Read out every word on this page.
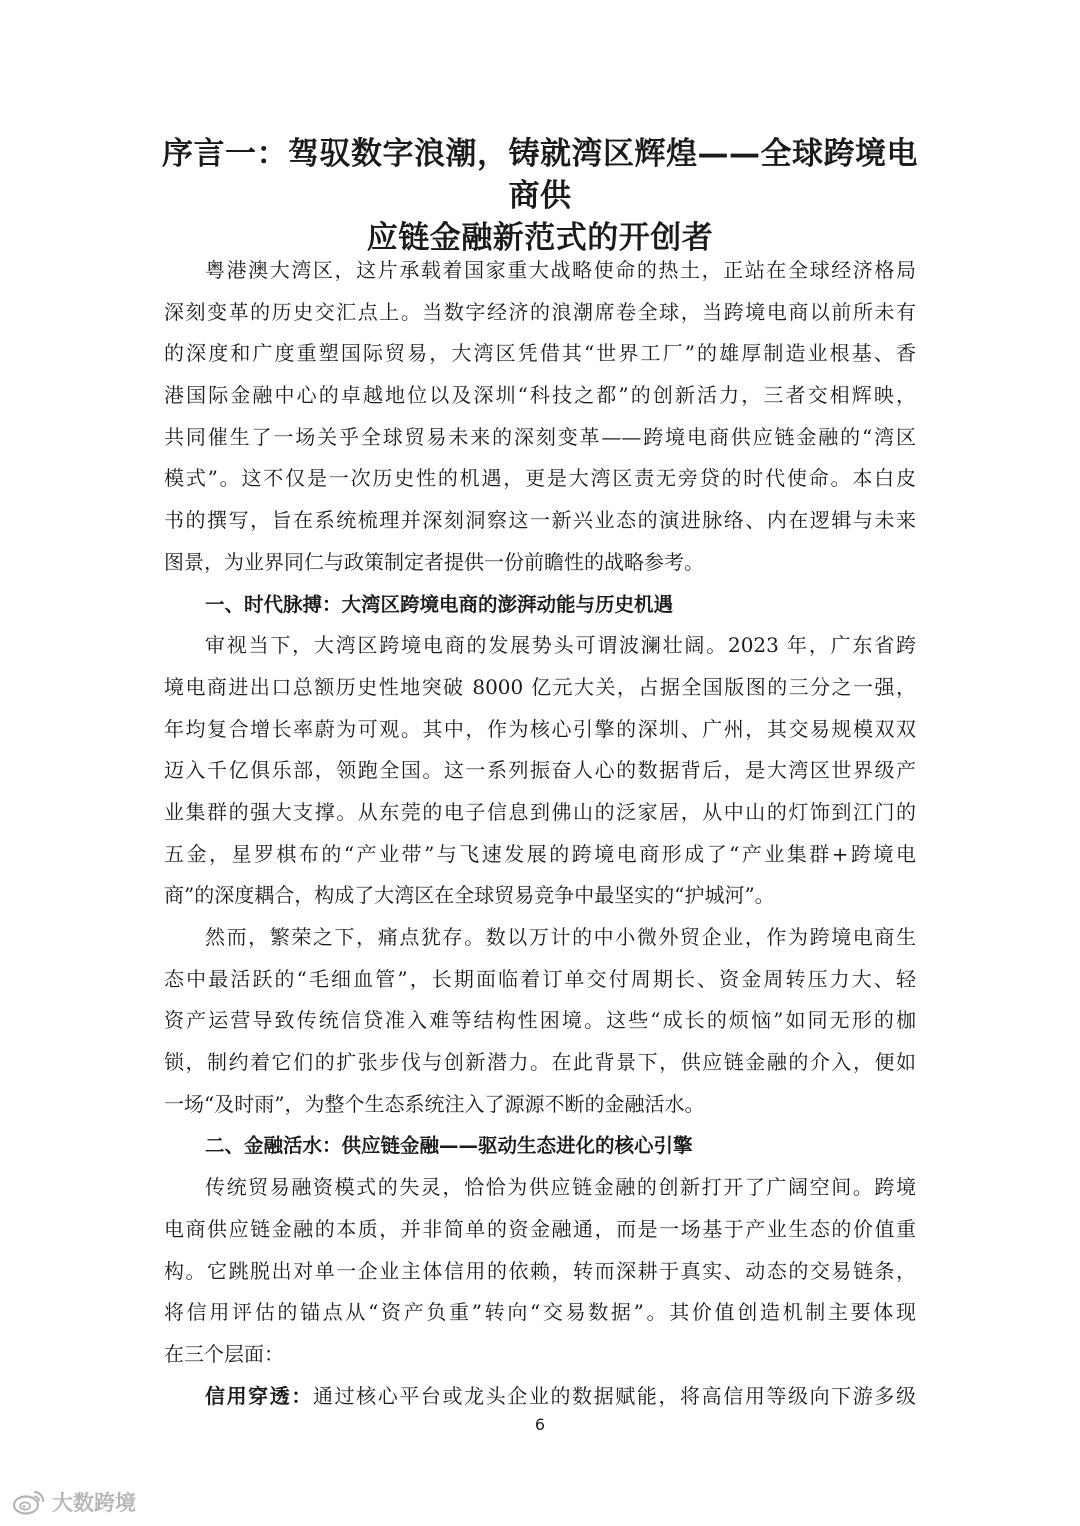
序言一：驾驭数字浪潮，铸就湾区辉煌——全球跨境电商供
应链金融新范式的开创者
粤港澳大湾区，这片承载着国家重大战略使命的热土，正站在全球经济格局
深刻变革的历史交汇点上。当数字经济的浪潮席卷全球，当跨境电商以前所未有
的深度和广度重塑国际贸易，大湾区凭借其“世界工厂”的雄厚制造业根基、香
港国际金融中心的卓越地位以及深圳“科技之都”的创新活力，三者交相辉映，
共同催生了一场关乎全球贸易未来的深刻变革——跨境电商供应链金融的“湾区
模式”。这不仅是一次历史性的机遇，更是大湾区责无旁贷的时代使命。本白皮
书的撰写，旨在系统梳理并深刻洞察这一新兴业态的演进脉络、内在逻辑与未来
图景，为业界同仁与政策制定者提供一份前瞻性的战略参考。
一、时代脉搏：大湾区跨境电商的澎湃动能与历史机遇
审视当下，大湾区跨境电商的发展势头可谓波澜壮阔。2023 年，广东省跨
境电商进出口总额历史性地突破 8000 亿元大关，占据全国版图的三分之一强，
年均复合增长率蔚为可观。其中，作为核心引擎的深圳、广州，其交易规模双双
迈入千亿俱乐部，领跑全国。这一系列振奋人心的数据背后，是大湾区世界级产
业集群的强大支撑。从东莞的电子信息到佛山的泛家居，从中山的灯饰到江门的
五金，星罗棋布的“产业带”与飞速发展的跨境电商形成了“产业集群+跨境电
商”的深度耦合，构成了大湾区在全球贸易竞争中最坚实的“护城河”。
然而，繁荣之下，痛点犹存。数以万计的中小微外贸企业，作为跨境电商生
态中最活跃的“毛细血管”，长期面临着订单交付周期长、资金周转压力大、轻
资产运营导致传统信贷准入难等结构性困境。这些“成长的烦恼”如同无形的枷
锁，制约着它们的扩张步伐与创新潜力。在此背景下，供应链金融的介入，便如
一场“及时雨”，为整个生态系统注入了源源不断的金融活水。
二、金融活水：供应链金融——驱动生态进化的核心引擎
传统贸易融资模式的失灵，恰恰为供应链金融的创新打开了广阔空间。跨境
电商供应链金融的本质，并非简单的资金融通，而是一场基于产业生态的价值重
构。它跳脱出对单一企业主体信用的依赖，转而深耕于真实、动态的交易链条，
将信用评估的锚点从“资产负重”转向“交易数据”。其价值创造机制主要体现
在三个层面：
信用穿透：通过核心平台或龙头企业的数据赋能，将高信用等级向下游多级
6
大数跨境
